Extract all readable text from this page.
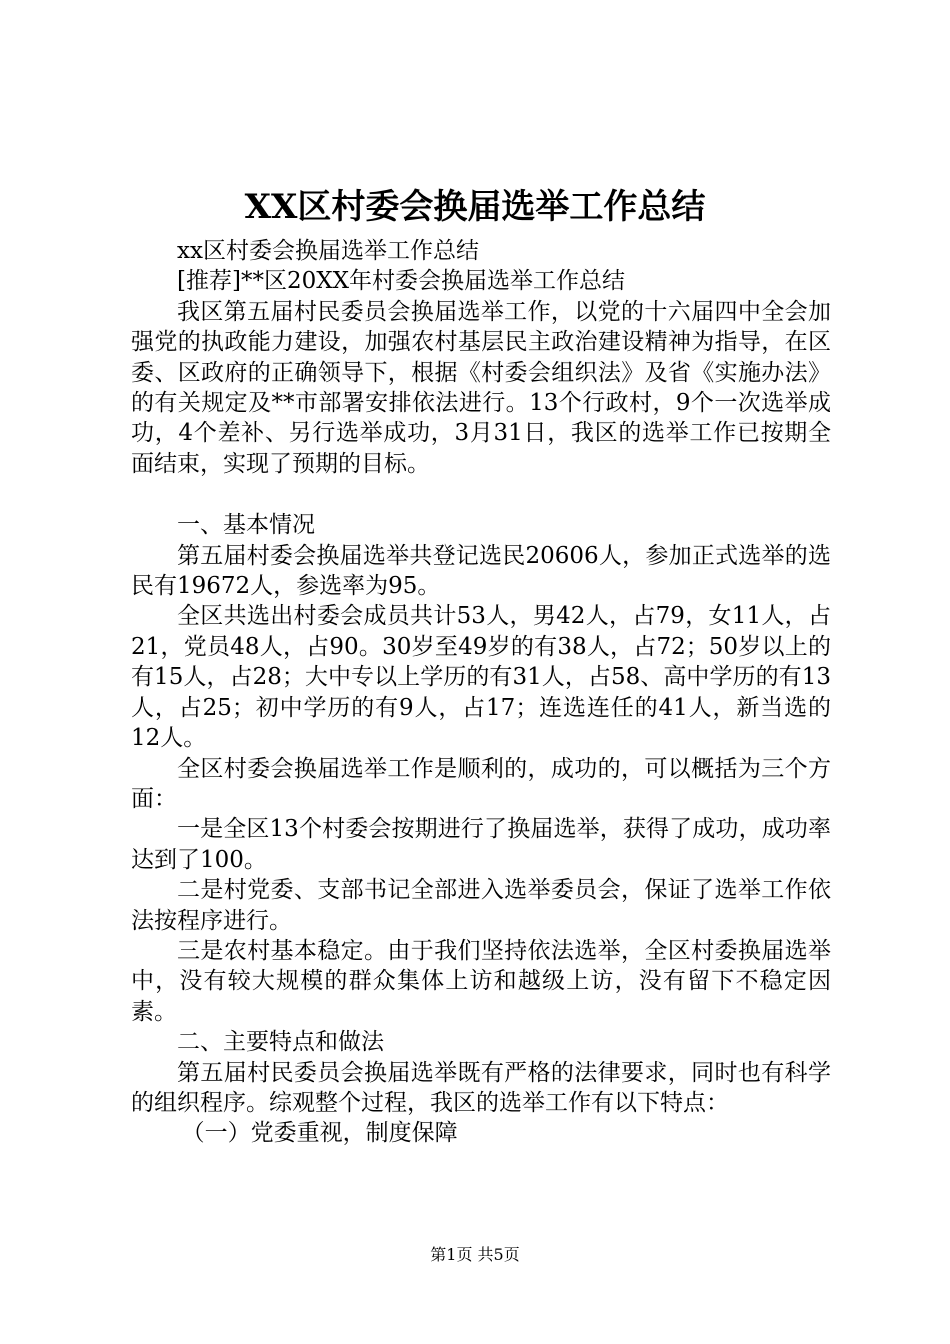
XX区村委会换届选举工作总结

xx区村委会换届选举工作总结

[推荐]**区20XX年村委会换届选举工作总结

我区第五届村民委员会换届选举工作，以党的十六届四中全会加强党的执政能力建设，加强农村基层民主政治建设精神为指导，在区委、区政府的正确领导下，根据《村委会组织法》及省《实施办法》的有关规定及**市部署安排依法进行。13个行政村，9个一次选举成功，4个差补、另行选举成功，3月31日，我区的选举工作已按期全面结束，实现了预期的目标。

一、基本情况

第五届村委会换届选举共登记选民20606人，参加正式选举的选民有19672人，参选率为95。

全区共选出村委会成员共计53人，男42人，占79，女11人，占21，党员48人，占90。30岁至49岁的有38人，占72；50岁以上的有15人，占28；大中专以上学历的有31人，占58、高中学历的有13人，占25；初中学历的有9人，占17；连选连任的41人，新当选的12人。

全区村委会换届选举工作是顺利的，成功的，可以概括为三个方面：

一是全区13个村委会按期进行了换届选举，获得了成功，成功率达到了100。

二是村党委、支部书记全部进入选举委员会，保证了选举工作依法按程序进行。

三是农村基本稳定。由于我们坚持依法选举，全区村委换届选举中，没有较大规模的群众集体上访和越级上访，没有留下不稳定因素。

二、主要特点和做法

第五届村民委员会换届选举既有严格的法律要求，同时也有科学的组织程序。综观整个过程，我区的选举工作有以下特点：

（一）党委重视，制度保障

第1页 共5页
